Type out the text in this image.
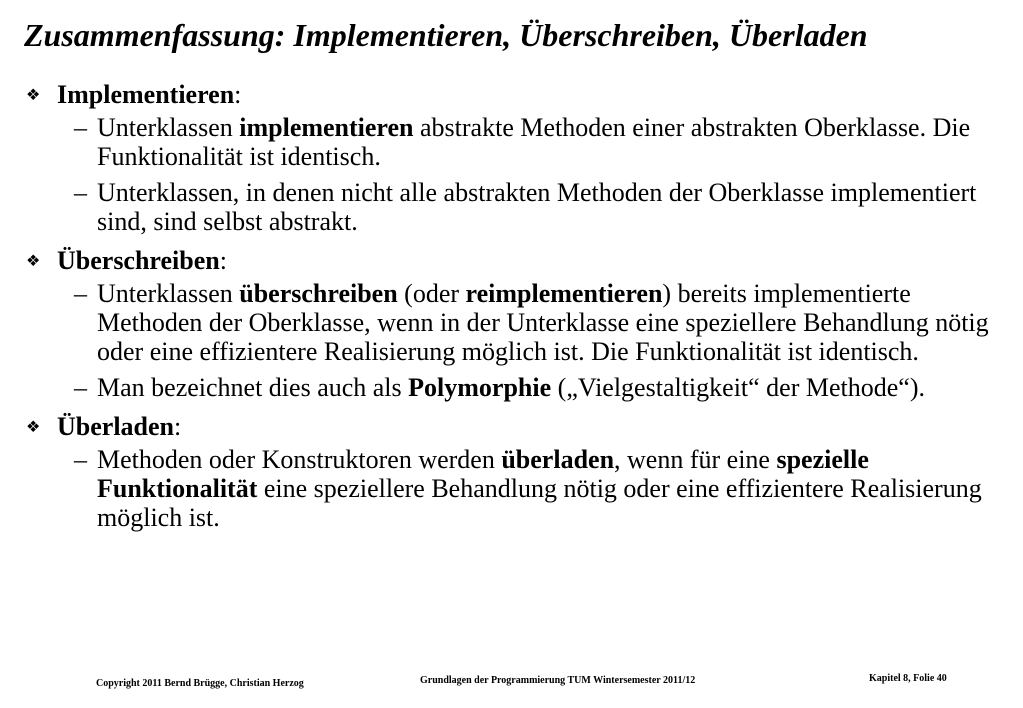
Zusammenfassung: Implementieren, Überschreiben, Überladen
❖ Implementieren:
– Unterklassen implementieren abstrakte Methoden einer abstrakten Oberklasse. Die Funktionalität ist identisch.
– Unterklassen, in denen nicht alle abstrakten Methoden der Oberklasse implementiert sind, sind selbst abstrakt.
❖ Überschreiben:
– Unterklassen überschreiben (oder reimplementieren) bereits implementierte Methoden der Oberklasse, wenn in der Unterklasse eine speziellere Behandlung nötig oder eine effizientere Realisierung möglich ist. Die Funktionalität ist identisch.
– Man bezeichnet dies auch als Polymorphie („Vielgestaltigkeit“ der Methode“).
❖ Überladen:
– Methoden oder Konstruktoren werden überladen, wenn für eine spezielle Funktionalität eine speziellere Behandlung nötig oder eine effizientere Realisierung möglich ist.
Copyright 2011 Bernd Brügge, Christian Herzog	Grundlagen der Programmierung TUM Wintersemester 2011/12	Kapitel 8, Folie 40
